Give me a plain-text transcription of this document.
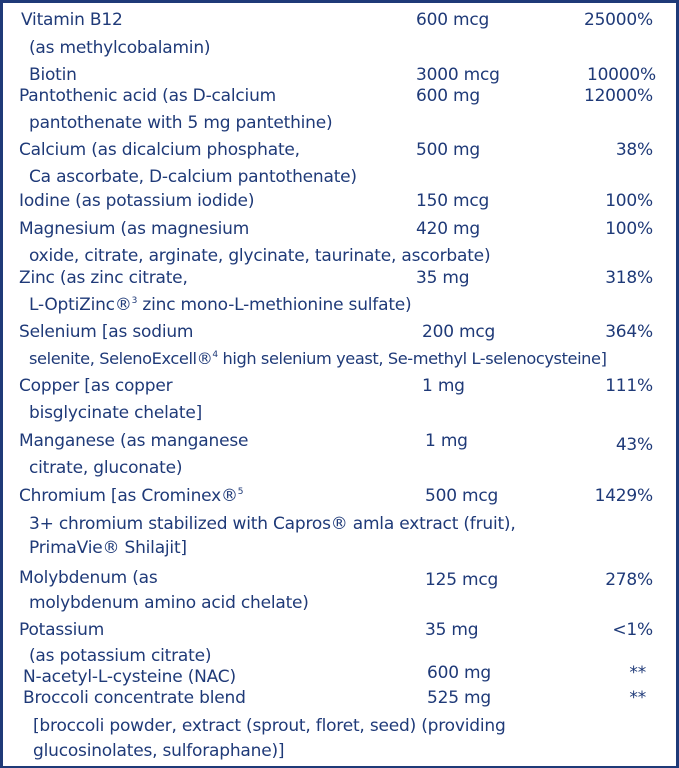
Vitamin B12	600 mcg	25000%
(as methylcobalamin)
Biotin	3000 mcg	10000%
Pantothenic acid (as D-calcium	600 mg	12000%
pantothenate with 5 mg pantethine)
Calcium (as dicalcium phosphate,	500 mg	38%
Ca ascorbate, D-calcium pantothenate)
Iodine (as potassium iodide)	150 mcg	100%
Magnesium (as magnesium	420 mg	100%
oxide, citrate, arginate, glycinate, taurinate, ascorbate)
Zinc (as zinc citrate,	35 mg	318%
L-OptiZinc®$^3$ zinc mono-L-methionine sulfate)
Selenium [as sodium	200 mcg	364%
selenite, SelenoExcell®$^4$ high selenium yeast, Se-methyl L-selenocysteine]
Copper [as copper	1 mg	111%
bisglycinate chelate]
Manganese (as manganese	1 mg	43%
citrate, gluconate)
Chromium [as Crominex®$^5$	500 mcg	1429%
3+ chromium stabilized with Capros® amla extract (fruit),
PrimaVie® Shilajit]
Molybdenum (as	125 mcg	278%
molybdenum amino acid chelate)
Potassium	35 mg	<1%
(as potassium citrate)
N-acetyl-L-cysteine (NAC)	600 mg	**
Broccoli concentrate blend	525 mg	**
[broccoli powder, extract (sprout, floret, seed) (providing
glucosinolates, sulforaphane)]
